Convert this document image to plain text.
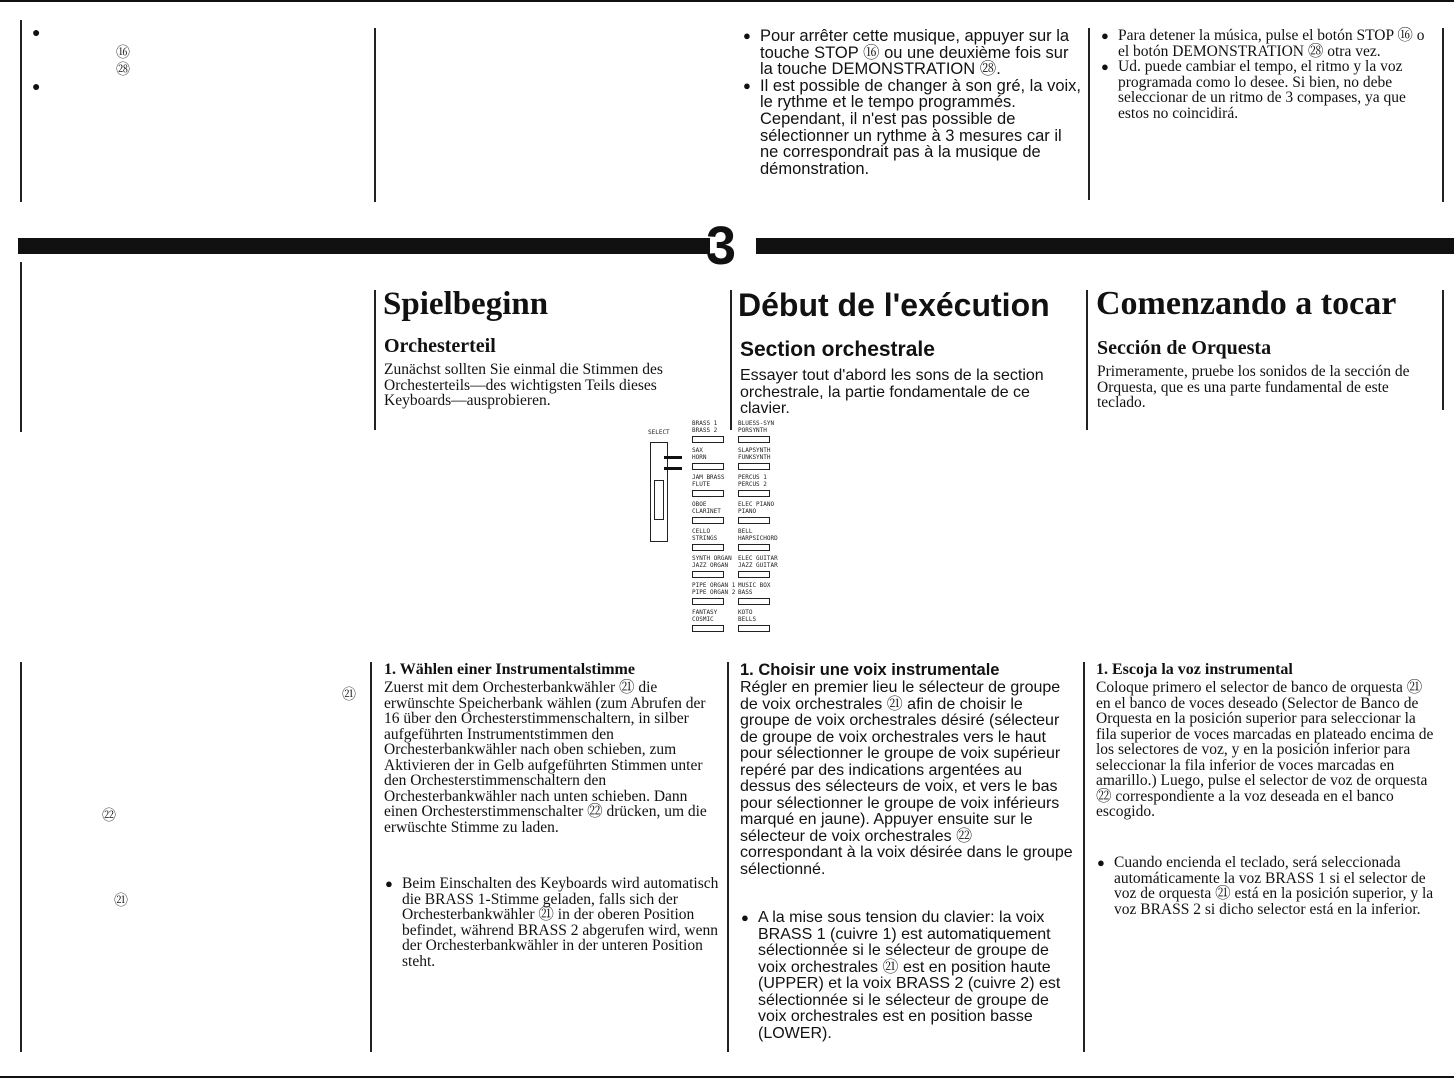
●
⑯
㉘
●
● Pour arrêter cette musique, appuyer sur la touche STOP ⑯ ou une deuxième fois sur la touche DEMONSTRATION ㉘.
● Il est possible de changer à son gré, la voix, le rythme et le tempo programmés. Cependant, il n'est pas possible de sélectionner un rythme à 3 mesures car il ne correspondrait pas à la musique de démonstration.
● Para detener la música, pulse el botón STOP ⑯ o el botón DEMONSTRATION ㉘ otra vez.
● Ud. puede cambiar el tempo, el ritmo y la voz programada como lo desee. Si bien, no debe seleccionar de un ritmo de 3 compases, ya que estos no coincidirá.
3
Spielbeginn
Orchesterteil
Zunächst sollten Sie einmal die Stimmen des Orchesterteils—des wichtigsten Teils dieses Keyboards—ausprobieren.
Début de l'exécution
Section orchestrale
Essayer tout d'abord les sons de la section orchestrale, la partie fondamentale de ce clavier.
Comenzando a tocar
Sección de Orquesta
Primeramente, pruebe los sonidos de la sección de Orquesta, que es una parte fundamental de este teclado.
SELECT
BRASS 1
BRASS 2
SAX
HORN
JAM BRASS
FLUTE
OBOE
CLARINET
CELLO
STRINGS
SYNTH ORGAN
JAZZ ORGAN
PIPE ORGAN 1
PIPE ORGAN 2
FANTASY
COSMIC
BLUESS-SYN
PORSYNTH
SLAPSYNTH
FUNKSYNTH
PERCUS 1
PERCUS 2
ELEC PIANO
PIANO
BELL
HARPSICHORD
ELEC GUITAR
JAZZ GUITAR
MUSIC BOX
BASS
KOTO
BELLS
㉑
㉒
㉑
1. Wählen einer Instrumentalstimme
Zuerst mit dem Orchesterbankwähler ㉑ die erwünschte Speicherbank wählen (zum Abrufen der 16 über den Orchesterstimmenschaltern, in silber aufgeführten Instrumentstimmen den Orchesterbankwähler nach oben schieben, zum Aktivieren der in Gelb aufgeführten Stimmen unter den Orchesterstimmenschaltern den Orchesterbankwähler nach unten schieben. Dann einen Orchesterstimmenschalter ㉒ drücken, um die erwüschte Stimme zu laden.
● Beim Einschalten des Keyboards wird automatisch die BRASS 1-Stimme geladen, falls sich der Orchesterbankwähler ㉑ in der oberen Position befindet, während BRASS 2 abgerufen wird, wenn der Orchesterbankwähler in der unteren Position steht.
1. Choisir une voix instrumentale
Régler en premier lieu le sélecteur de groupe de voix orchestrales ㉑ afin de choisir le groupe de voix orchestrales désiré (sélecteur de groupe de voix orchestrales vers le haut pour sélectionner le groupe de voix supérieur repéré par des indications argentées au dessus des sélecteurs de voix, et vers le bas pour sélectionner le groupe de voix inférieurs marqué en jaune). Appuyer ensuite sur le sélecteur de voix orchestrales ㉒ correspondant à la voix désirée dans le groupe sélectionné.
● A la mise sous tension du clavier: la voix BRASS 1 (cuivre 1) est automatiquement sélectionnée si le sélecteur de groupe de voix orchestrales ㉑ est en position haute (UPPER) et la voix BRASS 2 (cuivre 2) est sélectionnée si le sélecteur de groupe de voix orchestrales est en position basse (LOWER).
1. Escoja la voz instrumental
Coloque primero el selector de banco de orquesta ㉑ en el banco de voces deseado (Selector de Banco de Orquesta en la posición superior para seleccionar la fila superior de voces marcadas en plateado encima de los selectores de voz, y en la posición inferior para seleccionar la fila inferior de voces marcadas en amarillo.) Luego, pulse el selector de voz de orquesta ㉒ correspondiente a la voz deseada en el banco escogido.
● Cuando encienda el teclado, será seleccionada automáticamente la voz BRASS 1 si el selector de voz de orquesta ㉑ está en la posición superior, y la voz BRASS 2 si dicho selector está en la inferior.
